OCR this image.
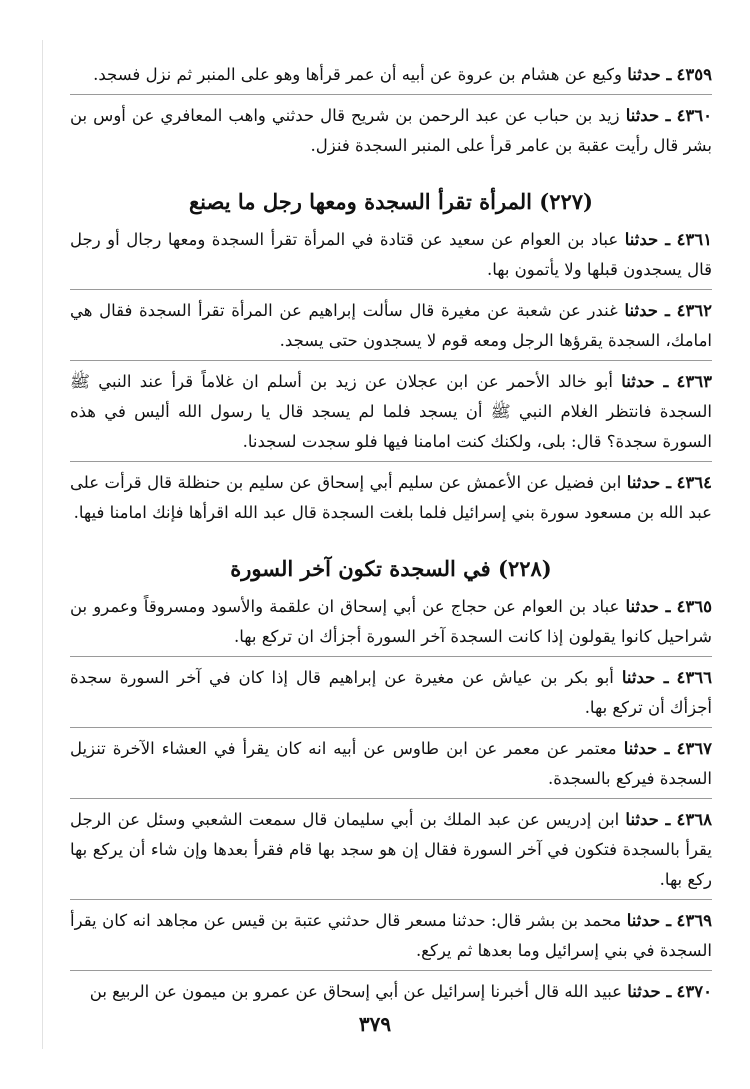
٤٣٥٩ ـ حدثنا وكيع عن هشام بن عروة عن أبيه أن عمر قرأها وهو على المنبر ثم نزل فسجد.

٤٣٦٠ ـ حدثنا زيد بن حباب عن عبد الرحمن بن شريح قال حدثني واهب المعافري عن أوس بن بشر قال رأيت عقبة بن عامر قرأ على المنبر السجدة فنزل.

(٢٢٧) المرأة تقرأ السجدة ومعها رجل ما يصنع

٤٣٦١ ـ حدثنا عباد بن العوام عن سعيد عن قتادة في المرأة تقرأ السجدة ومعها رجال أو رجل قال يسجدون قبلها ولا يأتمون بها.

٤٣٦٢ ـ حدثنا غندر عن شعبة عن مغيرة قال سألت إبراهيم عن المرأة تقرأ السجدة فقال هي امامك، السجدة يقرؤها الرجل ومعه قوم لا يسجدون حتى يسجد.

٤٣٦٣ ـ حدثنا أبو خالد الأحمر عن ابن عجلان عن زيد بن أسلم ان غلاماً قرأ عند النبي ﷺ السجدة فانتظر الغلام النبي ﷺ أن يسجد فلما لم يسجد قال يا رسول الله أليس في هذه السورة سجدة؟ قال: بلى، ولكنك كنت امامنا فيها فلو سجدت لسجدنا.

٤٣٦٤ ـ حدثنا ابن فضيل عن الأعمش عن سليم أبي إسحاق عن سليم بن حنظلة قال قرأت على عبد الله بن مسعود سورة بني إسرائيل فلما بلغت السجدة قال عبد الله اقرأها فإنك امامنا فيها.

(٢٢٨) في السجدة تكون آخر السورة

٤٣٦٥ ـ حدثنا عباد بن العوام عن حجاج عن أبي إسحاق ان علقمة والأسود ومسروقاً وعمرو بن شراحيل كانوا يقولون إذا كانت السجدة آخر السورة أجزأك ان تركع بها.

٤٣٦٦ ـ حدثنا أبو بكر بن عياش عن مغيرة عن إبراهيم قال إذا كان في آخر السورة سجدة أجزأك أن تركع بها.

٤٣٦٧ ـ حدثنا معتمر عن معمر عن ابن طاوس عن أبيه انه كان يقرأ في العشاء الآخرة تنزيل السجدة فيركع بالسجدة.

٤٣٦٨ ـ حدثنا ابن إدريس عن عبد الملك بن أبي سليمان قال سمعت الشعبي وسئل عن الرجل يقرأ بالسجدة فتكون في آخر السورة فقال إن هو سجد بها قام فقرأ بعدها وإن شاء أن يركع بها ركع بها.

٤٣٦٩ ـ حدثنا محمد بن بشر قال: حدثنا مسعر قال حدثني عتبة بن قيس عن مجاهد انه كان يقرأ السجدة في بني إسرائيل وما بعدها ثم يركع.

٤٣٧٠ ـ حدثنا عبيد الله قال أخبرنا إسرائيل عن أبي إسحاق عن عمرو بن ميمون عن الربيع بن

٣٧٩
